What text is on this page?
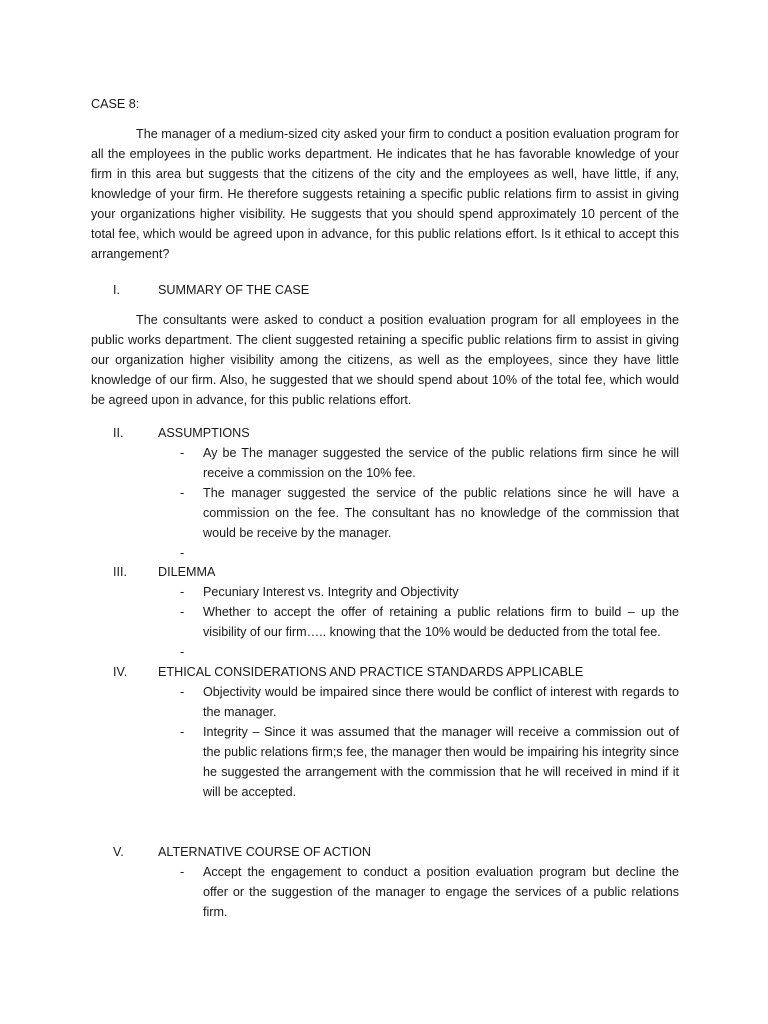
CASE 8:

The manager of a medium-sized city asked your firm to conduct a position evaluation program for all the employees in the public works department. He indicates that he has favorable knowledge of your firm in this area but suggests that the citizens of the city and the employees as well, have little, if any, knowledge of your firm. He therefore suggests retaining a specific public relations firm to assist in giving your organizations higher visibility. He suggests that you should spend approximately 10 percent of the total fee, which would be agreed upon in advance, for this public relations effort. Is it ethical to accept this arrangement?

I.	SUMMARY OF THE CASE

The consultants were asked to conduct a position evaluation program for all employees in the public works department. The client suggested retaining a specific public relations firm to assist in giving our organization higher visibility among the citizens, as well as the employees, since they have little knowledge of our firm. Also, he suggested that we should spend about 10% of the total fee, which would be agreed upon in advance, for this public relations effort.

II.	ASSUMPTIONS
- Ay be The manager suggested the service of the public relations firm since he will receive a commission on the 10% fee.
- The manager suggested the service of the public relations since he will have a commission on the fee. The consultant has no knowledge of the commission that would be receive by the manager.
-
III. DILEMMA
- Pecuniary Interest vs. Integrity and Objectivity
- Whether to accept the offer of retaining a public relations firm to build – up the visibility of our firm….. knowing that the 10% would be deducted from the total fee.
-
IV. ETHICAL CONSIDERATIONS AND PRACTICE STANDARDS APPLICABLE
- Objectivity would be impaired since there would be conflict of interest with regards to the manager.
- Integrity – Since it was assumed that the manager will receive a commission out of the public relations firm;s fee, the manager then would be impairing his integrity since he suggested the arrangement with the commission that he will received in mind if it will be accepted.
V.	ALTERNATIVE COURSE OF ACTION
- Accept the engagement to conduct a position evaluation program but decline the offer or the suggestion of the manager to engage the services of a public relations firm.
